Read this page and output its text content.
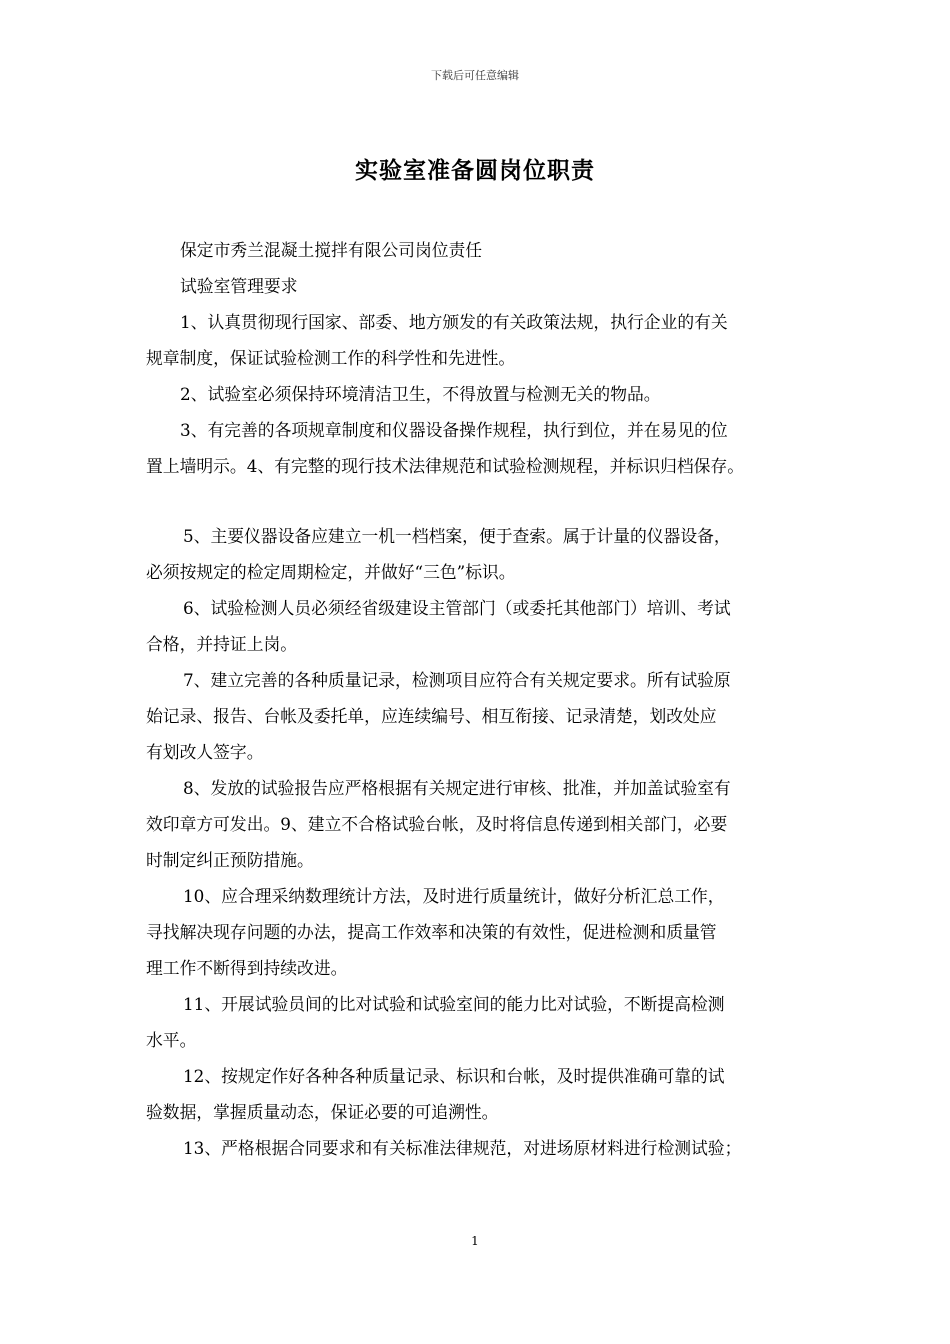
下载后可任意编辑
实验室准备圆岗位职责

保定市秀兰混凝土搅拌有限公司岗位责任

试验室管理要求

1、认真贯彻现行国家、部委、地方颁发的有关政策法规，执行企业的有关

规章制度，保证试验检测工作的科学性和先进性。

2、试验室必须保持环境清洁卫生，不得放置与检测无关的物品。

3、有完善的各项规章制度和仪器设备操作规程，执行到位，并在易见的位

置上墙明示。4、有完整的现行技术法律规范和试验检测规程，并标识归档保存。

5、主要仪器设备应建立一机一档档案，便于查索。属于计量的仪器设备，

必须按规定的检定周期检定，并做好“三色”标识。

6、试验检测人员必须经省级建设主管部门（或委托其他部门）培训、考试

合格，并持证上岗。

7、建立完善的各种质量记录，检测项目应符合有关规定要求。所有试验原

始记录、报告、台帐及委托单，应连续编号、相互衔接、记录清楚，划改处应

有划改人签字。

8、发放的试验报告应严格根据有关规定进行审核、批准，并加盖试验室有

效印章方可发出。9、建立不合格试验台帐，及时将信息传递到相关部门，必要

时制定纠正预防措施。

10、应合理采纳数理统计方法，及时进行质量统计，做好分析汇总工作，

寻找解决现存问题的办法，提高工作效率和决策的有效性，促进检测和质量管

理工作不断得到持续改进。

11、开展试验员间的比对试验和试验室间的能力比对试验，不断提高检测

水平。

12、按规定作好各种各种质量记录、标识和台帐，及时提供准确可靠的试

验数据，掌握质量动态，保证必要的可追溯性。

13、严格根据合同要求和有关标准法律规范，对进场原材料进行检测试验；

1
